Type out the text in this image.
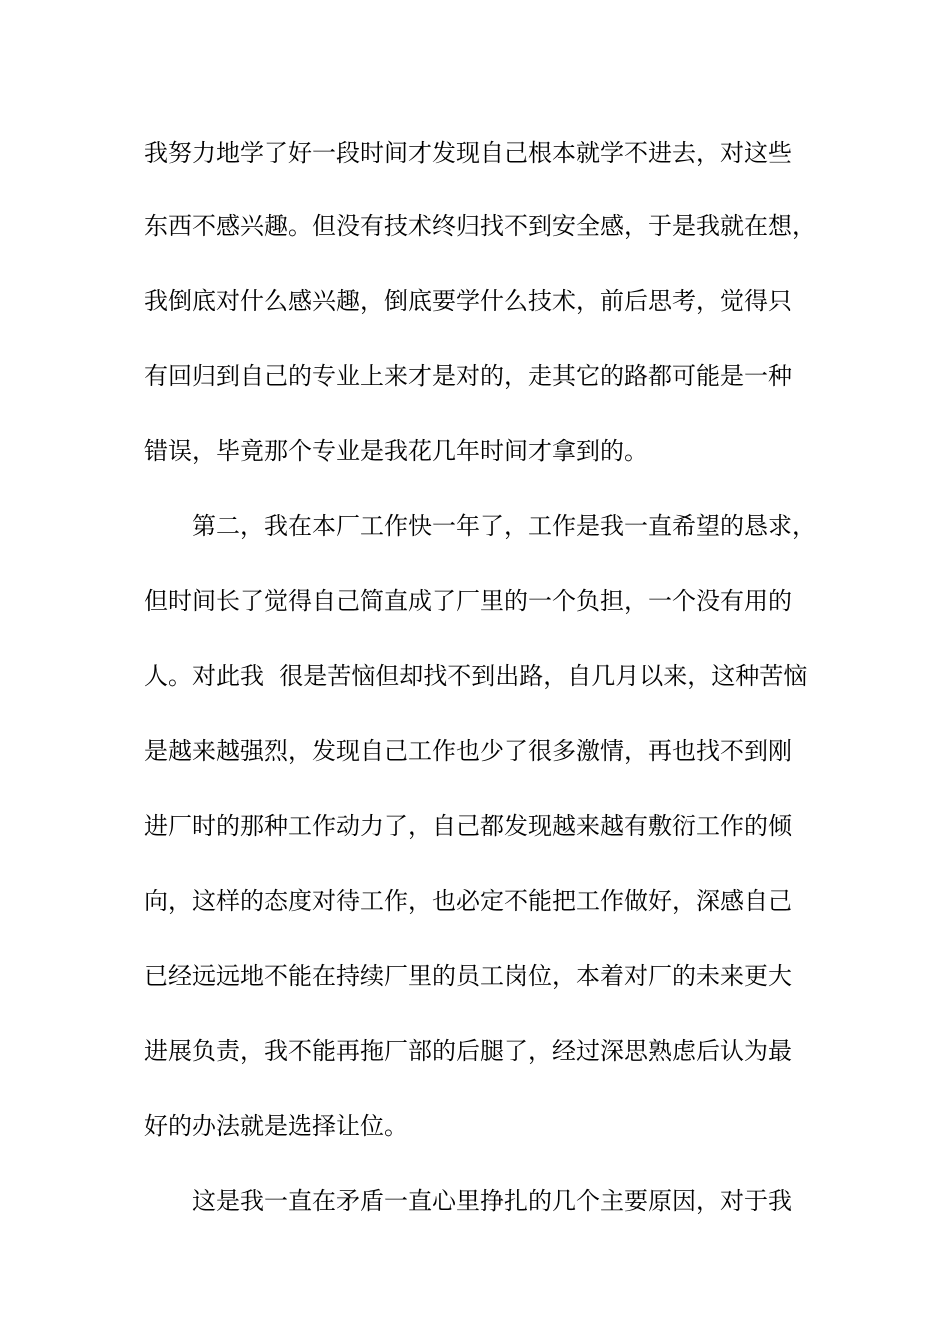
我努力地学了好一段时间才发现自己根本就学不进去，对这些
东西不感兴趣。但没有技术终归找不到安全感，于是我就在想，
我倒底对什么感兴趣，倒底要学什么技术，前后思考，觉得只
有回归到自己的专业上来才是对的，走其它的路都可能是一种
错误，毕竟那个专业是我花几年时间才拿到的。
第二，我在本厂工作快一年了，工作是我一直希望的恳求，
但时间长了觉得自己简直成了厂里的一个负担，一个没有用的
人。对此我  很是苦恼但却找不到出路，自几月以来，这种苦恼
是越来越强烈，发现自己工作也少了很多激情，再也找不到刚
进厂时的那种工作动力了，自己都发现越来越有敷衍工作的倾
向，这样的态度对待工作，也必定不能把工作做好，深感自己
已经远远地不能在持续厂里的员工岗位，本着对厂的未来更大
进展负责，我不能再拖厂部的后腿了，经过深思熟虑后认为最
好的办法就是选择让位。
这是我一直在矛盾一直心里挣扎的几个主要原因，对于我
